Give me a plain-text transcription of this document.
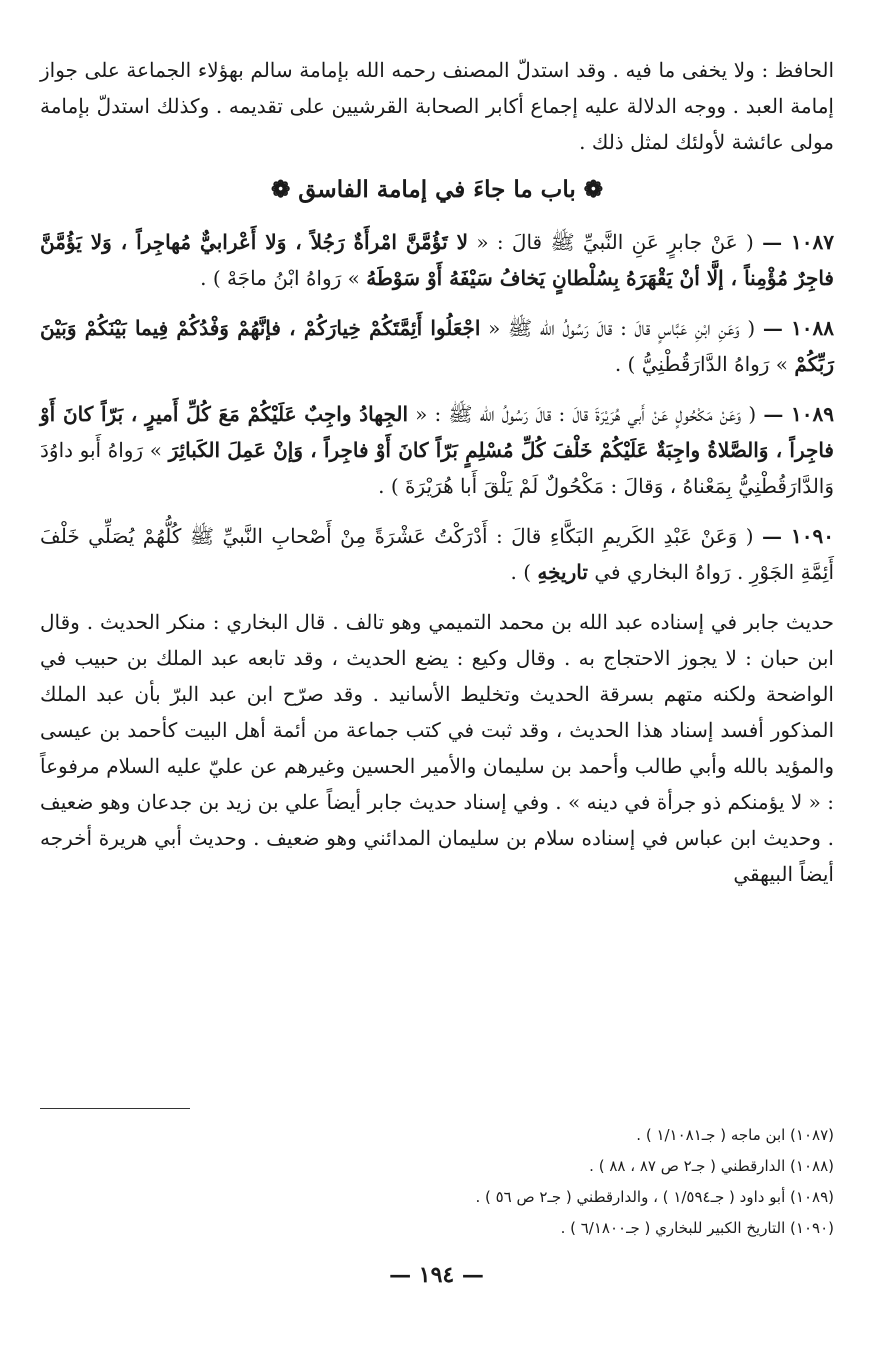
الحافظ : ولا يخفى ما فيه . وقد استدلّ المصنف رحمه الله بإمامة سالم بهؤلاء الجماعة على جواز إمامة العبد . ووجه الدلالة عليه إجماع أكابر الصحابة القرشيين على تقديمه . وكذلك استدلّ بإمامة مولى عائشة لأولئك لمثل ذلك .

❁ باب ما جاءَ في إمامة الفاسق ❁

١٠٨٧ — ( عَنْ جابرٍ عَنِ النَّبيِّ ﷺ قالَ : « لا تَؤُمَّنَّ امْرأَةٌ رَجُلاً ، وَلا أَعْرابيٌّ مُهاجِراً ، وَلا يَؤُمَّنَّ فاجِرٌ مُؤْمِناً ، إلَّا أنْ يَقْهَرَهُ بِسُلْطانٍ يَخافُ سَيْفَهُ أَوْ سَوْطَهُ » رَواهُ ابْنُ ماجَهْ ) .

١٠٨٨ — ( وَعَنِ ابْنِ عَبَّاسٍ قالَ : قالَ رَسُولُ الله ﷺ « اجْعَلُوا أَئِمَّتَكُمْ خِيارَكُمْ ، فإنَّهُمْ وَفْدُكُمْ فِيما بَيْنَكُمْ وَبَيْنَ رَبِّكُمْ » رَواهُ الدَّارَقُطْنِيُّ ) .

١٠٨٩ — ( وَعَنْ مَكْحُولٍ عَنْ أَبي هُرَيْرَةَ قالَ : قالَ رَسُولُ الله ﷺ : « الجِهادُ واجِبٌ عَلَيْكُمْ مَعَ كُلِّ أَميرٍ ، بَرّاً كانَ أَوْ فاجِراً ، وَالصَّلاةُ واجِبَةٌ عَلَيْكُمْ خَلْفَ كُلِّ مُسْلِمٍ بَرّاً كانَ أَوْ فاجِراً ، وَإنْ عَمِلَ الكَبائِرَ » رَواهُ أَبو داوُدَ وَالدَّارَقُطْنِيُّ بِمَعْناهُ ، وَقالَ : مَكْحُولٌ لَمْ يَلْقَ أَبا هُرَيْرَةَ ) .

١٠٩٠ — ( وَعَنْ عَبْدِ الكَريمِ البَكَّاءِ قالَ : أَدْرَكْتُ عَشْرَةً مِنْ أَصْحابِ النَّبيِّ ﷺ كُلُّهُمْ يُصَلِّي خَلْفَ أَئِمَّةِ الجَوْرِ . رَواهُ البخاري في تاريخِهِ ) .

حديث جابر في إسناده عبد الله بن محمد التميمي وهو تالف . قال البخاري : منكر الحديث . وقال ابن حبان : لا يجوز الاحتجاج به . وقال وكيع : يضع الحديث ، وقد تابعه عبد الملك بن حبيب في الواضحة ولكنه متهم بسرقة الحديث وتخليط الأسانيد . وقد صرّح ابن عبد البرّ بأن عبد الملك المذكور أفسد إسناد هذا الحديث ، وقد ثبت في كتب جماعة من أئمة أهل البيت كأحمد بن عيسى والمؤيد بالله وأبي طالب وأحمد بن سليمان والأمير الحسين وغيرهم عن عليّ عليه السلام مرفوعاً : « لا يؤمنكم ذو جرأة في دينه » . وفي إسناد حديث جابر أيضاً علي بن زيد بن جدعان وهو ضعيف . وحديث ابن عباس في إسناده سلام بن سليمان المدائني وهو ضعيف . وحديث أبي هريرة أخرجه أيضاً البيهقي

(١٠٨٧) ابن ماجه ( جـ١/١٠٨١ ) .
(١٠٨٨) الدارقطني ( جـ٢ ص ٨٧ ، ٨٨ ) .
(١٠٨٩) أبو داود ( جـ١/٥٩٤ ) ، والدارقطني ( جـ٢ ص ٥٦ ) .
(١٠٩٠) التاريخ الكبير للبخاري ( جـ٦/١٨٠٠ ) .
— ١٩٤ —
